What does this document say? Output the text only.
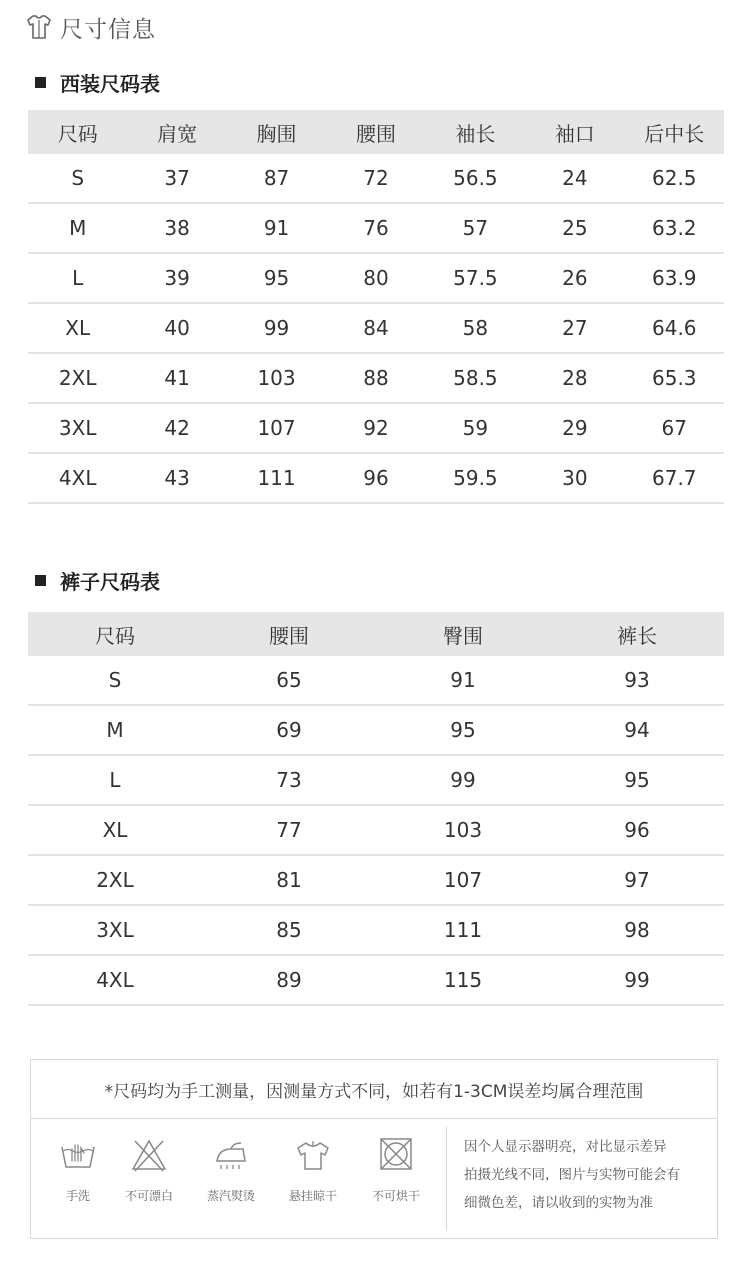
尺寸信息
西装尺码表
尺码	肩宽	胸围	腰围	袖长	袖口	后中长
S	37	87	72	56.5	24	62.5
M	38	91	76	57	25	63.2
L	39	95	80	57.5	26	63.9
XL	40	99	84	58	27	64.6
2XL	41	103	88	58.5	28	65.3
3XL	42	107	92	59	29	67
4XL	43	111	96	59.5	30	67.7
裤子尺码表
尺码	腰围	臀围	裤长
S	65	91	93
M	69	95	94
L	73	99	95
XL	77	103	96
2XL	81	107	97
3XL	85	111	98
4XL	89	115	99
*尺码均为手工测量，因测量方式不同，如若有1-3CM误差均属合理范围
手洗	不可漂白	蒸汽熨烫	悬挂晾干	不可烘干
因个人显示器明亮，对比显示差异
拍摄光线不同，图片与实物可能会有
细微色差，请以收到的实物为准
